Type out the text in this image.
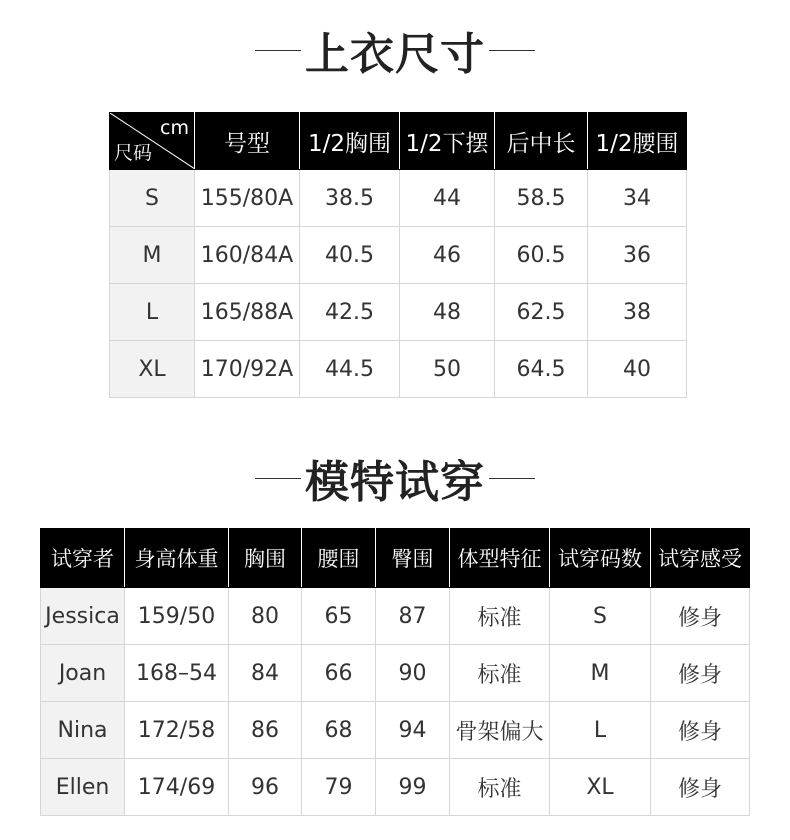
上衣尺寸
cm
尺码	号型	1/2胸围	1/2下摆	后中长	1/2腰围
S	155/80A	38.5	44	58.5	34
M	160/84A	40.5	46	60.5	36
L	165/88A	42.5	48	62.5	38
XL	170/92A	44.5	50	64.5	40
模特试穿
试穿者	身高体重	胸围	腰围	臀围	体型特征	试穿码数	试穿感受
Jessica	159/50	80	65	87	标准	S	修身
Joan	168–54	84	66	90	标准	M	修身
Nina	172/58	86	68	94	骨架偏大	L	修身
Ellen	174/69	96	79	99	标准	XL	修身
